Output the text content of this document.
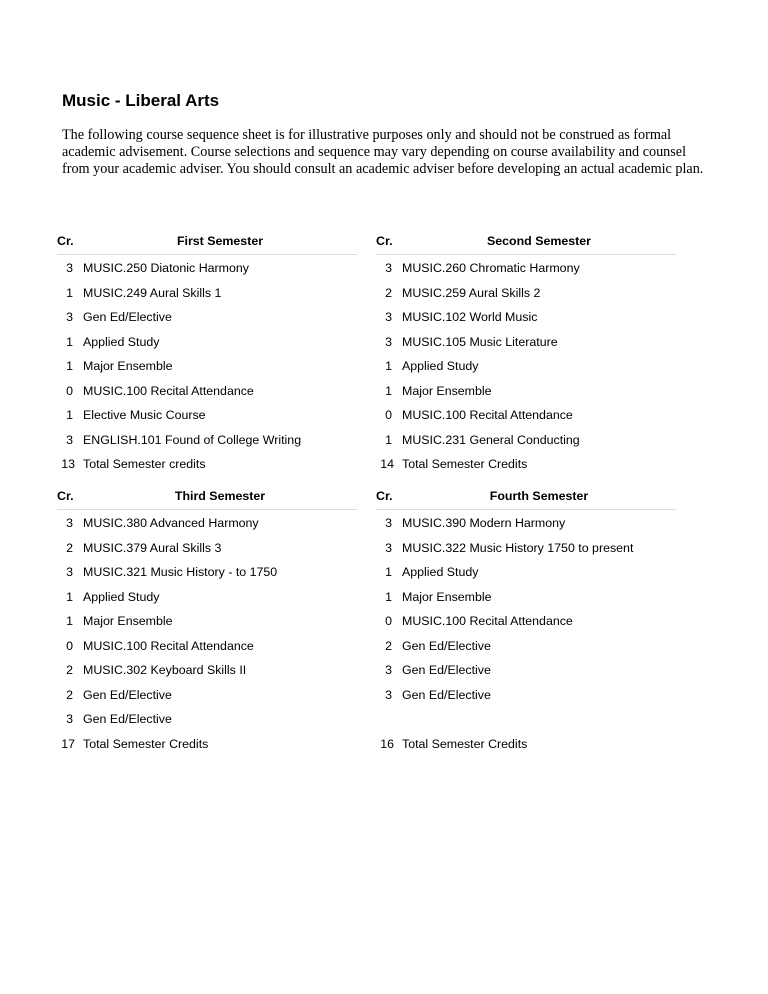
Music - Liberal Arts

The following course sequence sheet is for illustrative purposes only and should not be construed as formal academic advisement. Course selections and sequence may vary depending on course availability and counsel from your academic adviser. You should consult an academic adviser before developing an actual academic plan.

Cr.	First Semester
3 MUSIC.250 Diatonic Harmony
1 MUSIC.249 Aural Skills 1
3 Gen Ed/Elective
1 Applied Study
1 Major Ensemble
0 MUSIC.100 Recital Attendance
1 Elective Music Course
3 ENGLISH.101 Found of College Writing
13 Total Semester credits
Cr.	Second Semester
3 MUSIC.260 Chromatic Harmony
2 MUSIC.259 Aural Skills 2
3 MUSIC.102 World Music
3 MUSIC.105 Music Literature
1 Applied Study
1 Major Ensemble
0 MUSIC.100 Recital Attendance
1 MUSIC.231 General Conducting
14 Total Semester Credits
Cr.	Third Semester
3 MUSIC.380 Advanced Harmony
2 MUSIC.379 Aural Skills 3
3 MUSIC.321 Music History - to 1750
1 Applied Study
1 Major Ensemble
0 MUSIC.100 Recital Attendance
2 MUSIC.302 Keyboard Skills II
2 Gen Ed/Elective
3 Gen Ed/Elective
17 Total Semester Credits
Cr.	Fourth Semester
3 MUSIC.390 Modern Harmony
3 MUSIC.322 Music History 1750 to present
1 Applied Study
1 Major Ensemble
0 MUSIC.100 Recital Attendance
2 Gen Ed/Elective
3 Gen Ed/Elective
3 Gen Ed/Elective
16 Total Semester Credits
